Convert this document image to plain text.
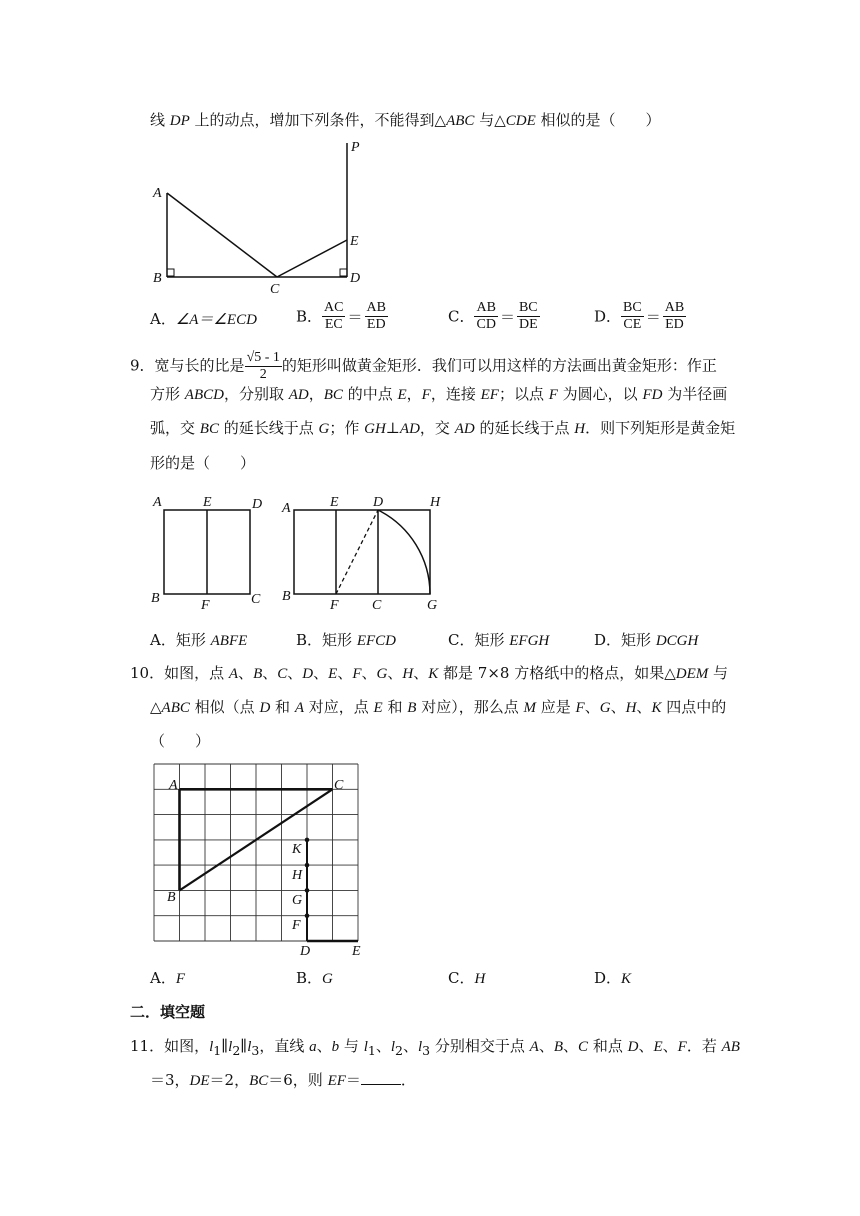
线 DP 上的动点，增加下列条件，不能得到△ABC 与△CDE 相似的是（　　）
A
B
C
D
E
P
A．∠A＝∠ECD	B． $\frac{AC}{EC} = \frac{AB}{ED}$	C． $\frac{AB}{CD} = \frac{BC}{DE}$	D． $\frac{BC}{CE} = \frac{AB}{ED}$
9．宽与长的比是 $\frac{√5 - 1}{2}$ 的矩形叫做黄金矩形．我们可以用这样的方法画出黄金矩形：作正
方形 ABCD，分别取 AD，BC 的中点 E，F，连接 EF；以点 F 为圆心，以 FD 为半径画
弧，交 BC 的延长线于点 G；作 GH⊥AD，交 AD 的延长线于点 H．则下列矩形是黄金矩
形的是（　　）
A	E	D
B	F	C
A	E D	H
B
F C	G
A．矩形 ABFE	B．矩形 EFCD	C．矩形 EFGH	D．矩形 DCGH
10．如图，点 A、B、C、D、E、F、G、H、K 都是 7×8 方格纸中的格点，如果△DEM 与
△ABC 相似（点 D 和 A 对应，点 E 和 B 对应），那么点 M 应是 F、G、H、K 四点中的
（　　）
A	C
B
K
H
G
F
D	E
A．F	B．G	C．H	D．K
二．填空题
11．如图，$l_1\parallel l_2\parallel l_3$，直线 a、b 与 $l_1$、$l_2$、$l_3$ 分别相交于点 A、B、C 和点 D、E、F．若 AB
＝3，DE＝2，BC＝6，则 EF＝	．
